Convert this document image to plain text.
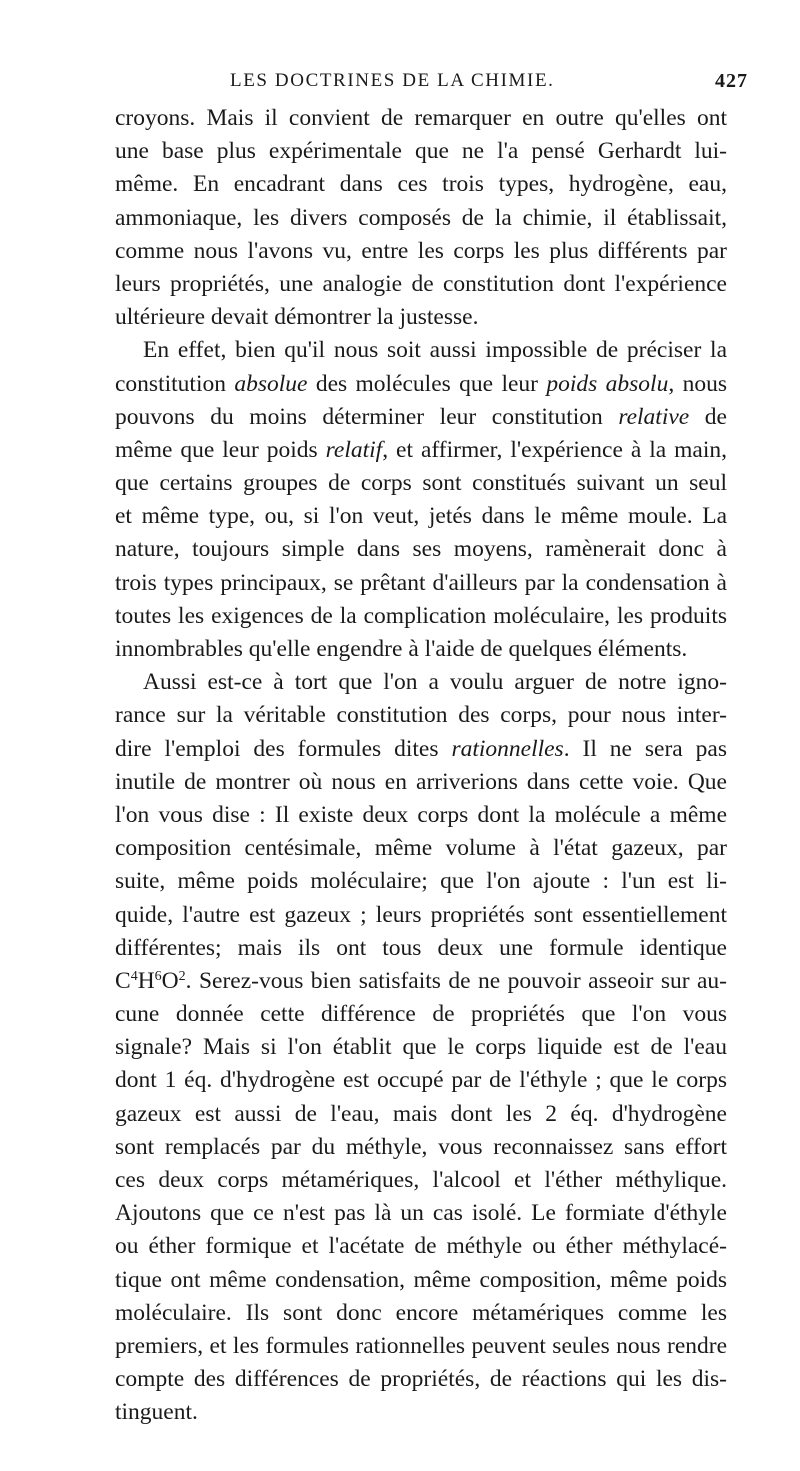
LES DOCTRINES DE LA CHIMIE.	427
croyons. Mais il convient de remarquer en outre qu'elles ont
une base plus expérimentale que ne l'a pensé Gerhardt lui-
même. En encadrant dans ces trois types, hydrogène, eau,
ammoniaque, les divers composés de la chimie, il établissait,
comme nous l'avons vu, entre les corps les plus différents par
leurs propriétés, une analogie de constitution dont l'expérience
ultérieure devait démontrer la justesse.
En effet, bien qu'il nous soit aussi impossible de préciser la
constitution absolue des molécules que leur poids absolu, nous
pouvons du moins déterminer leur constitution relative de
même que leur poids relatif, et affirmer, l'expérience à la main,
que certains groupes de corps sont constitués suivant un seul
et même type, ou, si l'on veut, jetés dans le même moule. La
nature, toujours simple dans ses moyens, ramènerait donc à
trois types principaux, se prêtant d'ailleurs par la condensation à
toutes les exigences de la complication moléculaire, les produits
innombrables qu'elle engendre à l'aide de quelques éléments.
Aussi est-ce à tort que l'on a voulu arguer de notre igno-
rance sur la véritable constitution des corps, pour nous inter-
dire l'emploi des formules dites rationnelles. Il ne sera pas
inutile de montrer où nous en arriverions dans cette voie. Que
l'on vous dise : Il existe deux corps dont la molécule a même
composition centésimale, même volume à l'état gazeux, par
suite, même poids moléculaire; que l'on ajoute : l'un est li-
quide, l'autre est gazeux ; leurs propriétés sont essentiellement
différentes; mais ils ont tous deux une formule identique
$C^4H^6O^2$. Serez-vous bien satisfaits de ne pouvoir asseoir sur au-
cune donnée cette différence de propriétés que l'on vous
signale? Mais si l'on établit que le corps liquide est de l'eau
dont 1 éq. d'hydrogène est occupé par de l'éthyle ; que le corps
gazeux est aussi de l'eau, mais dont les 2 éq. d'hydrogène
sont remplacés par du méthyle, vous reconnaissez sans effort
ces deux corps métamériques, l'alcool et l'éther méthylique.
Ajoutons que ce n'est pas là un cas isolé. Le formiate d'éthyle
ou éther formique et l'acétate de méthyle ou éther méthylacé-
tique ont même condensation, même composition, même poids
moléculaire. Ils sont donc encore métamériques comme les
premiers, et les formules rationnelles peuvent seules nous rendre
compte des différences de propriétés, de réactions qui les dis-
tinguent.
